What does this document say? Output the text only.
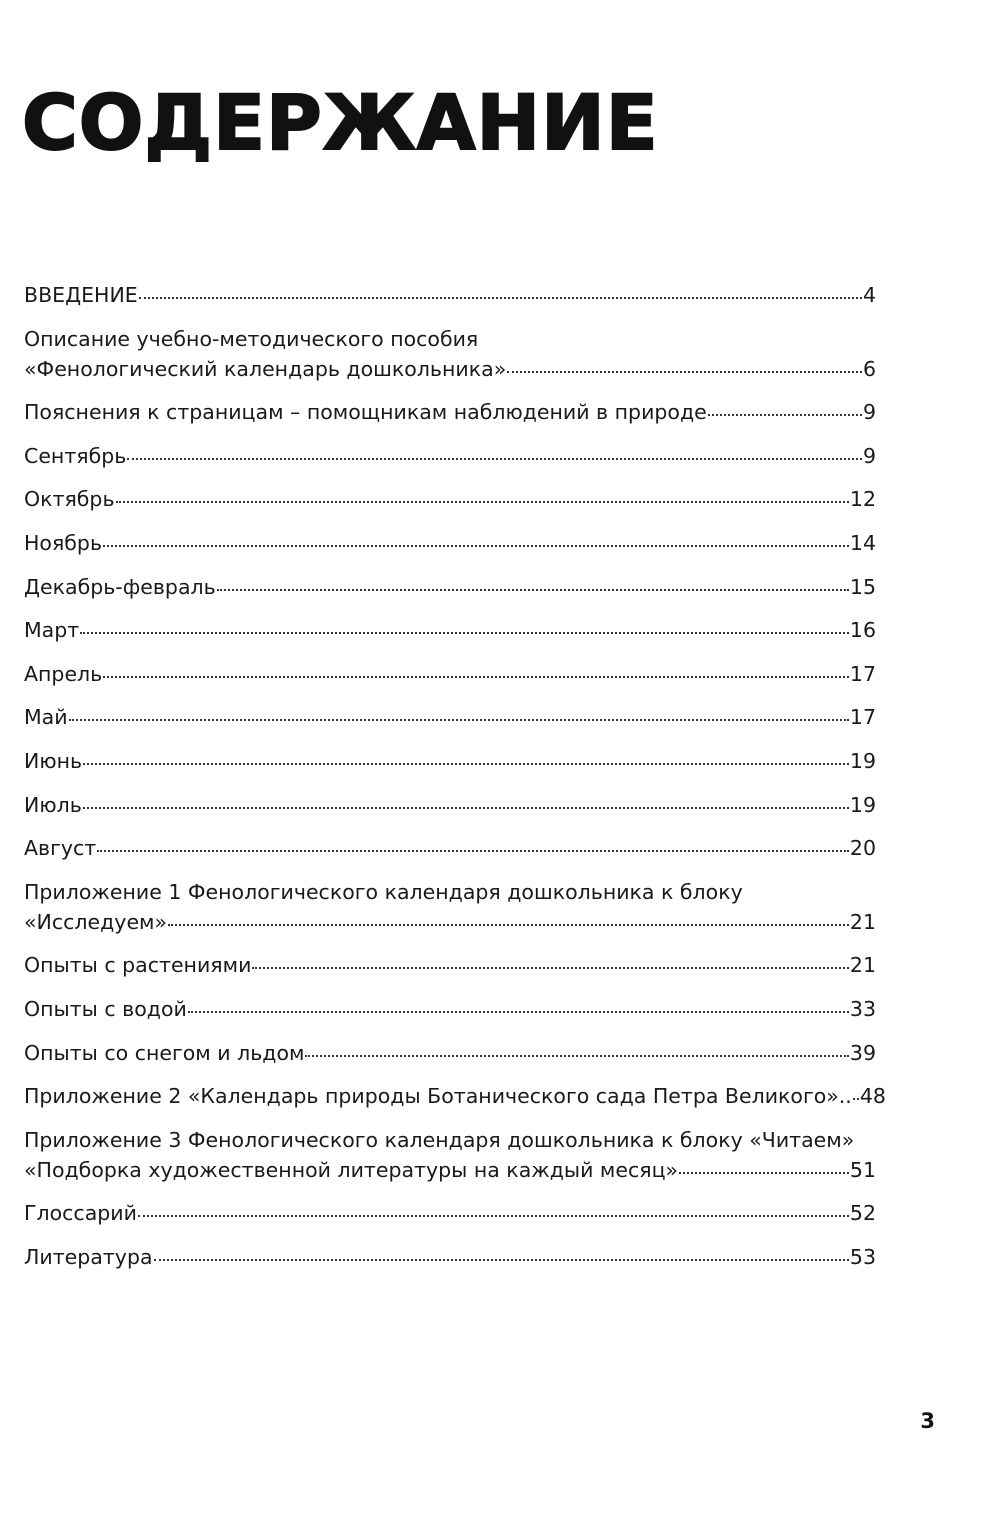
СОДЕРЖАНИЕ
ВВЕДЕНИЕ	4
Описание учебно-методического пособия
«Фенологический календарь дошкольника»	6
Пояснения к страницам – помощникам наблюдений в природе	9
Сентябрь	9
Октябрь	12
Ноябрь	14
Декабрь-февраль	15
Март	16
Апрель	17
Май	17
Июнь	19
Июль	19
Август	20
Приложение 1 Фенологического календаря дошкольника к блоку
«Исследуем»	21
Опыты с растениями	21
Опыты с водой	33
Опыты со снегом и льдом	39
Приложение 2 «Календарь природы Ботанического сада Петра Великого».. 48
Приложение 3 Фенологического календаря дошкольника к блоку «Читаем»
«Подборка художественной литературы на каждый месяц»	51
Глоссарий	52
Литература	53
3
